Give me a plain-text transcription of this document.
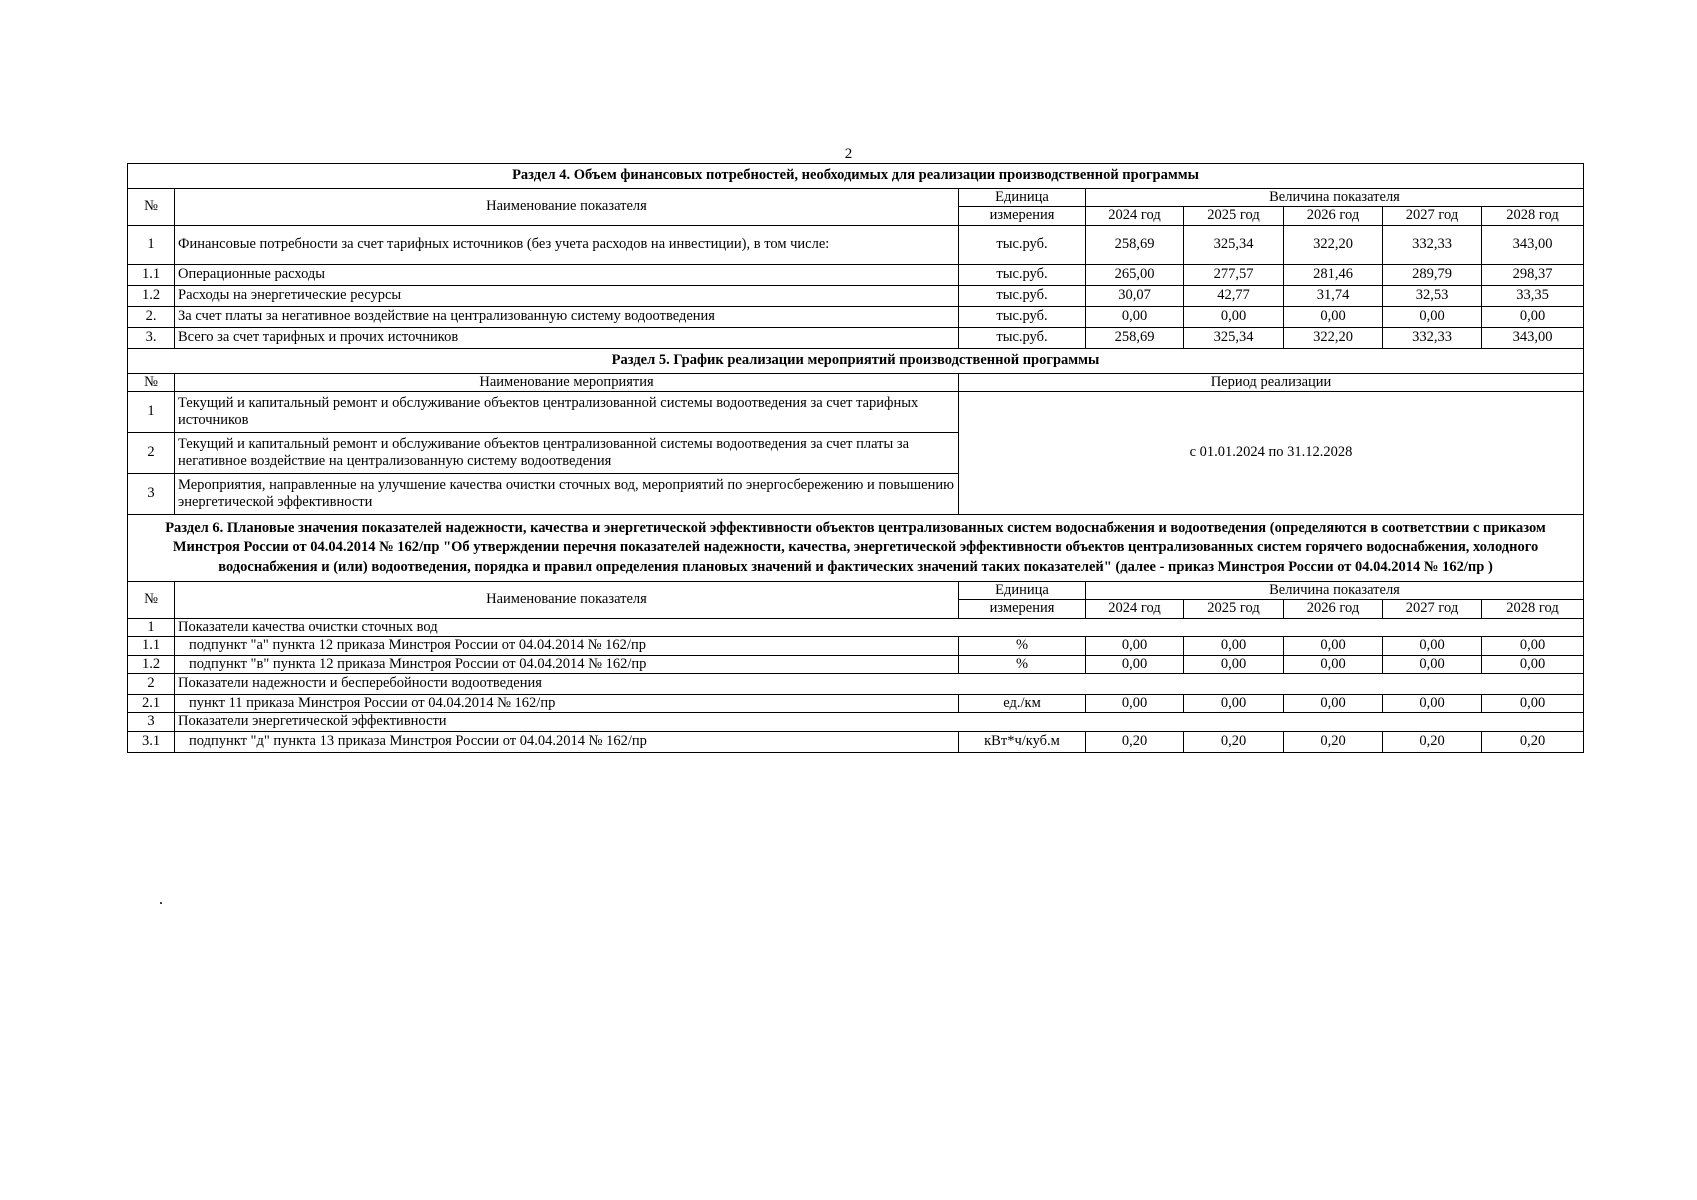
2
Раздел 4. Объем финансовых потребностей, необходимых для реализации производственной программы							
№	Наименование показателя	Единица	Величина показателя				
		измерения	2024 год	2025 год	2026 год	2027 год	2028 год
1	Финансовые потребности за счет тарифных источников (без учета расходов на инвестиции), в том числе:	тыс.руб.	258,69	325,34	322,20	332,33	343,00
1.1	Операционные расходы	тыс.руб.	265,00	277,57	281,46	289,79	298,37
1.2	Расходы на энергетические ресурсы	тыс.руб.	30,07	42,77	31,74	32,53	33,35
2.	За счет платы за негативное воздействие на централизованную систему водоотведения	тыс.руб.	0,00	0,00	0,00	0,00	0,00
3.	Всего за счет тарифных и прочих источников	тыс.руб.	258,69	325,34	322,20	332,33	343,00
Раздел 5. График реализации мероприятий производственной программы							
№	Наименование мероприятия	Период реализации					
1	Текущий и капитальный ремонт и обслуживание объектов централизованной системы водоотведения за счет тарифных источников	с 01.01.2024 по 31.12.2028					
2	Текущий и капитальный ремонт и обслуживание объектов централизованной системы водоотведения за счет платы за негативное воздействие на централизованную систему водоотведения						
3	Мероприятия, направленные на улучшение качества очистки сточных вод, мероприятий по энергосбережению и повышению энергетической эффективности						
Раздел 6. Плановые значения показателей надежности, качества и энергетической эффективности объектов централизованных систем водоснабжения и водоотведения (определяются в соответствии с приказом Минстроя России от 04.04.2014 № 162/пр "Об утверждении перечня показателей надежности, качества, энергетической эффективности объектов централизованных систем горячего водоснабжения, холодного водоснабжения и (или) водоотведения, порядка и правил определения плановых значений и фактических значений таких показателей" (далее - приказ Минстроя России от 04.04.2014 № 162/пр )							
№	Наименование показателя	Единица	Величина показателя				
		измерения	2024 год	2025 год	2026 год	2027 год	2028 год
1	Показатели качества очистки сточных вод						
1.1	подпункт "а" пункта 12 приказа Минстроя России от 04.04.2014 № 162/пр	%	0,00	0,00	0,00	0,00	0,00
1.2	подпункт "в" пункта 12 приказа Минстроя России от 04.04.2014 № 162/пр	%	0,00	0,00	0,00	0,00	0,00
2	Показатели надежности и бесперебойности водоотведения						
2.1	пункт 11 приказа Минстроя России от 04.04.2014 № 162/пр	ед./км	0,00	0,00	0,00	0,00	0,00
3	Показатели энергетической эффективности						
3.1	подпункт "д" пункта 13 приказа Минстроя России от 04.04.2014 № 162/пр	кВт*ч/куб.м	0,20	0,20	0,20	0,20	0,20
